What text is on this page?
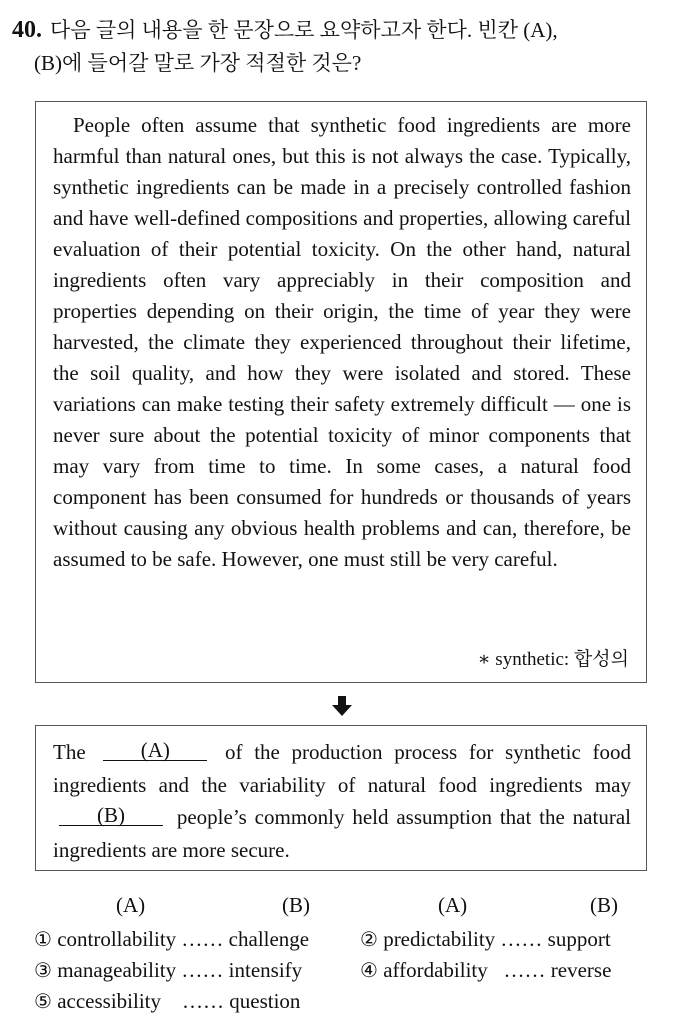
40. 다음 글의 내용을 한 문장으로 요약하고자 한다. 빈칸 (A),
(B)에 들어갈 말로 가장 적절한 것은?

People often assume that synthetic food ingredients are more harmful than natural ones, but this is not always the case. Typically, synthetic ingredients can be made in a precisely controlled fashion and have well-defined compositions and properties, allowing careful evaluation of their potential toxicity. On the other hand, natural ingredients often vary appreciably in their composition and properties depending on their origin, the time of year they were harvested, the climate they experienced throughout their lifetime, the soil quality, and how they were isolated and stored. These variations can make testing their safety extremely difficult — one is never sure about the potential toxicity of minor components that may vary from time to time. In some cases, a natural food component has been consumed for hundreds or thousands of years without causing any obvious health problems and can, therefore, be assumed to be safe. However, one must still be very careful.

∗ synthetic: 합성의

The	(A)	of the production process for synthetic food ingredients and the variability of natural food ingredients may (B) people’s commonly held assumption that the natural ingredients are more secure.

(A)	(B)	(A)	(B)
① controllability …… challenge	② predictability …… support
③ manageability …… intensify	④ affordability …… reverse
⑤ accessibility …… question
